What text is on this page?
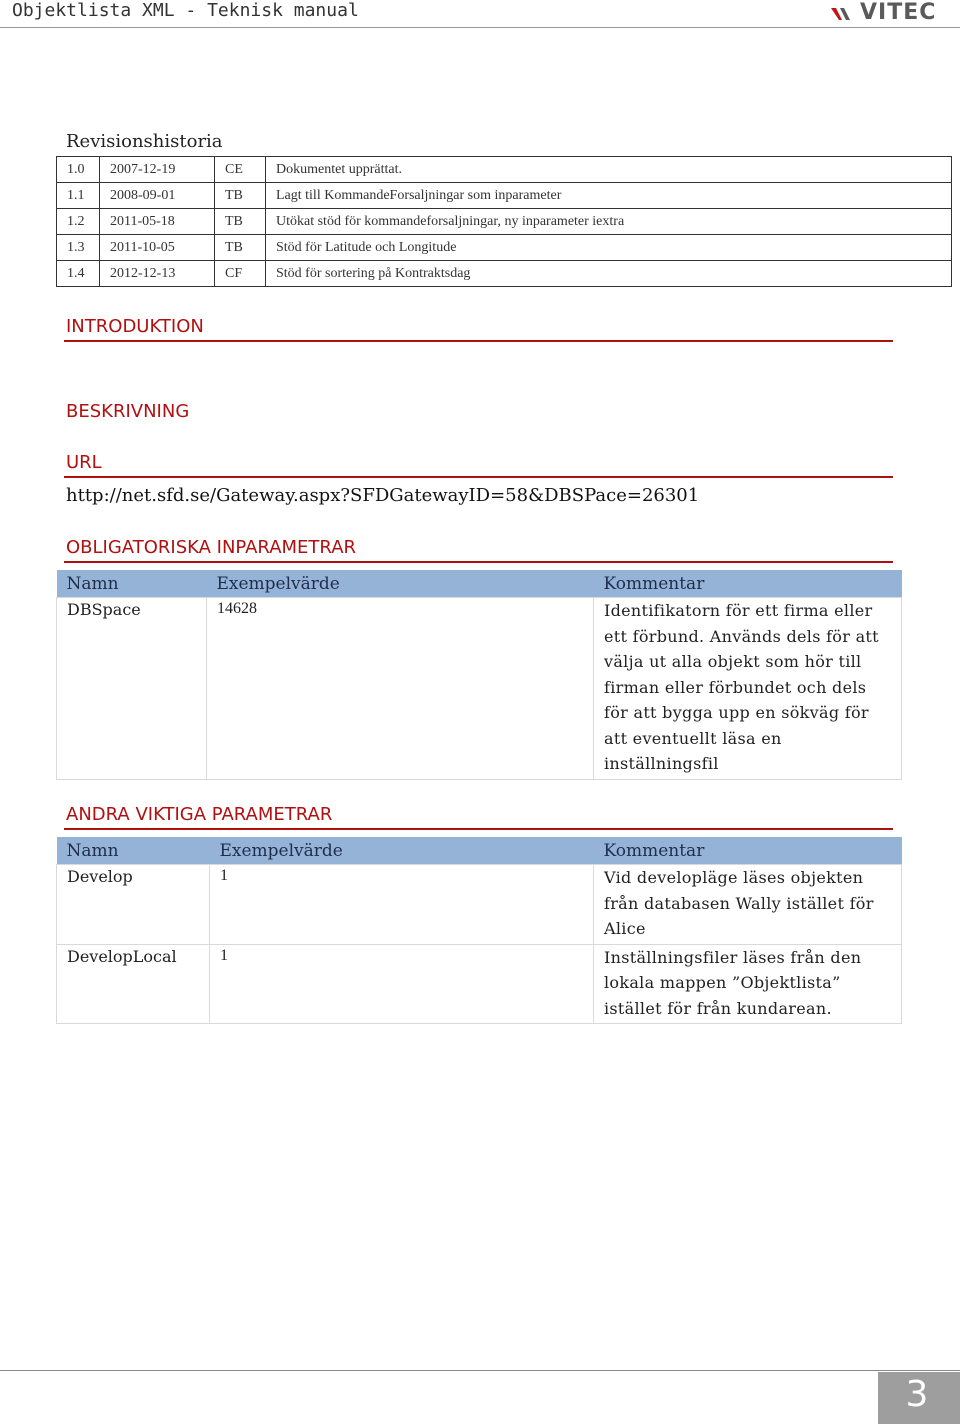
Objektlista XML - Teknisk manual	VITEC
Revisionshistoria
1.0	2007-12-19	CE	Dokumentet upprättat.
1.1	2008-09-01	TB	Lagt till KommandeForsaljningar som inparameter
1.2	2011-05-18	TB	Utökat stöd för kommandeforsaljningar, ny inparameter iextra
1.3	2011-10-05	TB	Stöd för Latitude och Longitude
1.4	2012-12-13	CF	Stöd för sortering på Kontraktsdag
INTRODUKTION
BESKRIVNING
URL
http://net.sfd.se/Gateway.aspx?SFDGatewayID=58&DBSPace=26301
OBLIGATORISKA INPARAMETRAR
Namn	Exempelvärde	Kommentar
DBSpace	14628	Identifikatorn för ett firma eller ett förbund. Används dels för att välja ut alla objekt som hör till firman eller förbundet och dels för att bygga upp en sökväg för att eventuellt läsa en inställningsfil
ANDRA VIKTIGA PARAMETRAR
Namn	Exempelvärde	Kommentar
Develop	1	Vid developläge läses objekten från databasen Wally istället för Alice
DevelopLocal	1	Inställningsfiler läses från den lokala mappen ”Objektlista” istället för från kundarean.
3
